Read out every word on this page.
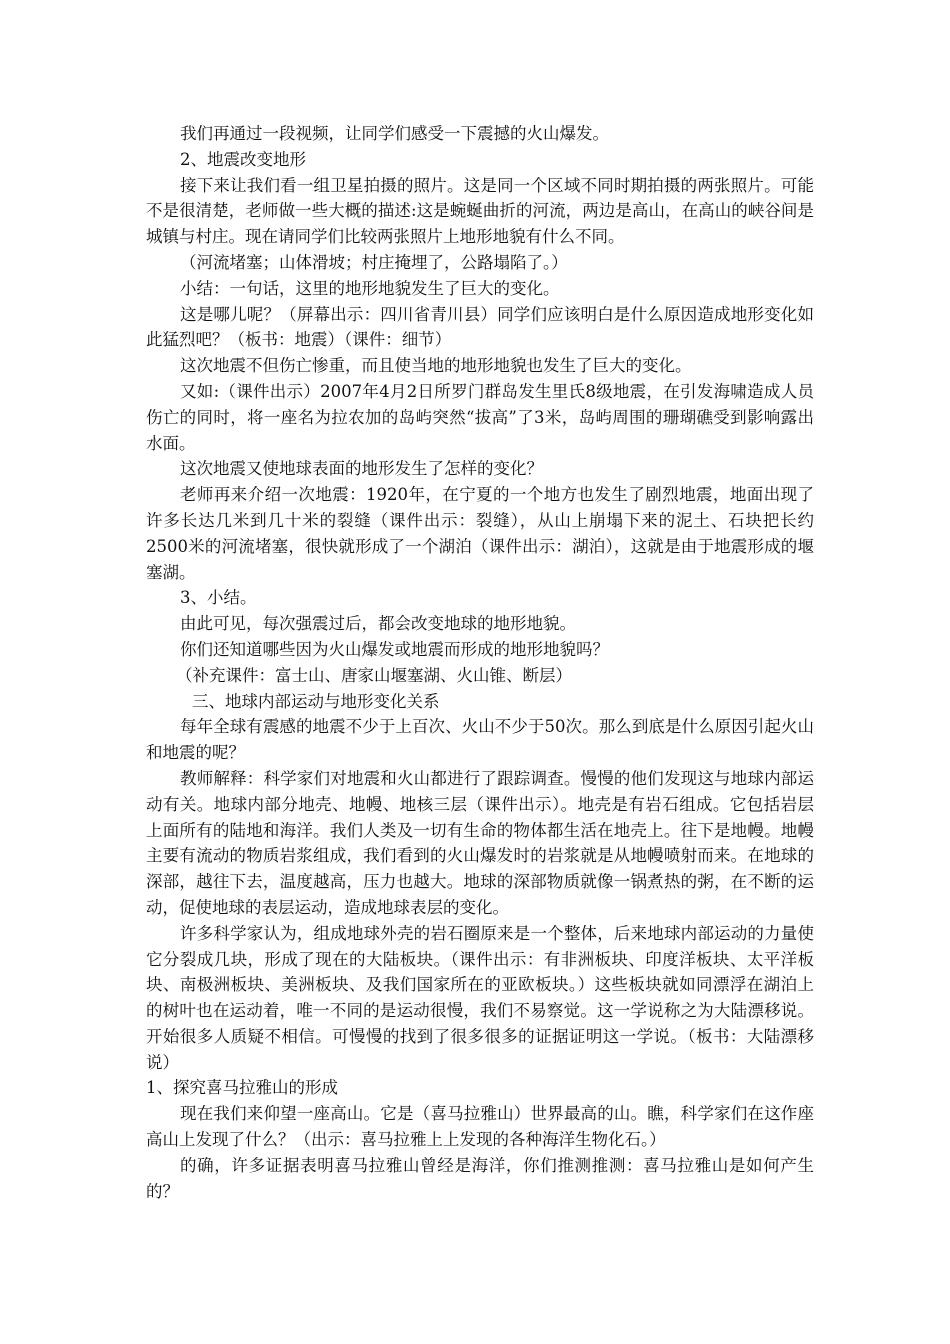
我们再通过一段视频，让同学们感受一下震撼的火山爆发。

2、地震改变地形

接下来让我们看一组卫星拍摄的照片。这是同一个区域不同时期拍摄的两张照片。可能不是很清楚，老师做一些大概的描述:这是蜿蜒曲折的河流，两边是高山，在高山的峡谷间是城镇与村庄。现在请同学们比较两张照片上地形地貌有什么不同。

（河流堵塞；山体滑坡；村庄掩埋了，公路塌陷了。）

小结：一句话，这里的地形地貌发生了巨大的变化。

这是哪儿呢？（屏幕出示：四川省青川县）同学们应该明白是什么原因造成地形变化如此猛烈吧？（板书：地震）（课件：细节）

这次地震不但伤亡惨重，而且使当地的地形地貌也发生了巨大的变化。

又如:（课件出示）2007年4月2日所罗门群岛发生里氏8级地震，在引发海啸造成人员伤亡的同时，将一座名为拉农加的岛屿突然“拔高”了3米，岛屿周围的珊瑚礁受到影响露出水面。

这次地震又使地球表面的地形发生了怎样的变化？

老师再来介绍一次地震：1920年，在宁夏的一个地方也发生了剧烈地震，地面出现了许多长达几米到几十米的裂缝（课件出示：裂缝），从山上崩塌下来的泥土、石块把长约2500米的河流堵塞，很快就形成了一个湖泊（课件出示：湖泊），这就是由于地震形成的堰塞湖。

3、小结。

由此可见，每次强震过后，都会改变地球的地形地貌。

你们还知道哪些因为火山爆发或地震而形成的地形地貌吗？

（补充课件：富士山、唐家山堰塞湖、火山锥、断层）

三、地球内部运动与地形变化关系

每年全球有震感的地震不少于上百次、火山不少于50次。那么到底是什么原因引起火山和地震的呢？

教师解释：科学家们对地震和火山都进行了跟踪调查。慢慢的他们发现这与地球内部运动有关。地球内部分地壳、地幔、地核三层（课件出示）。地壳是有岩石组成。它包括岩层上面所有的陆地和海洋。我们人类及一切有生命的物体都生活在地壳上。往下是地幔。地幔主要有流动的物质岩浆组成，我们看到的火山爆发时的岩浆就是从地幔喷射而来。在地球的深部，越往下去，温度越高，压力也越大。地球的深部物质就像一锅煮热的粥，在不断的运动，促使地球的表层运动，造成地球表层的变化。

许多科学家认为，组成地球外壳的岩石圈原来是一个整体，后来地球内部运动的力量使它分裂成几块，形成了现在的大陆板块。（课件出示：有非洲板块、印度洋板块、太平洋板块、南极洲板块、美洲板块、及我们国家所在的亚欧板块。）这些板块就如同漂浮在湖泊上的树叶也在运动着，唯一不同的是运动很慢，我们不易察觉。这一学说称之为大陆漂移说。开始很多人质疑不相信。可慢慢的找到了很多很多的证据证明这一学说。（板书：大陆漂移说）

1、探究喜马拉雅山的形成

现在我们来仰望一座高山。它是（喜马拉雅山）世界最高的山。瞧，科学家们在这作座高山上发现了什么？（出示：喜马拉雅上上发现的各种海洋生物化石。）

的确，许多证据表明喜马拉雅山曾经是海洋，你们推测推测：喜马拉雅山是如何产生的？
